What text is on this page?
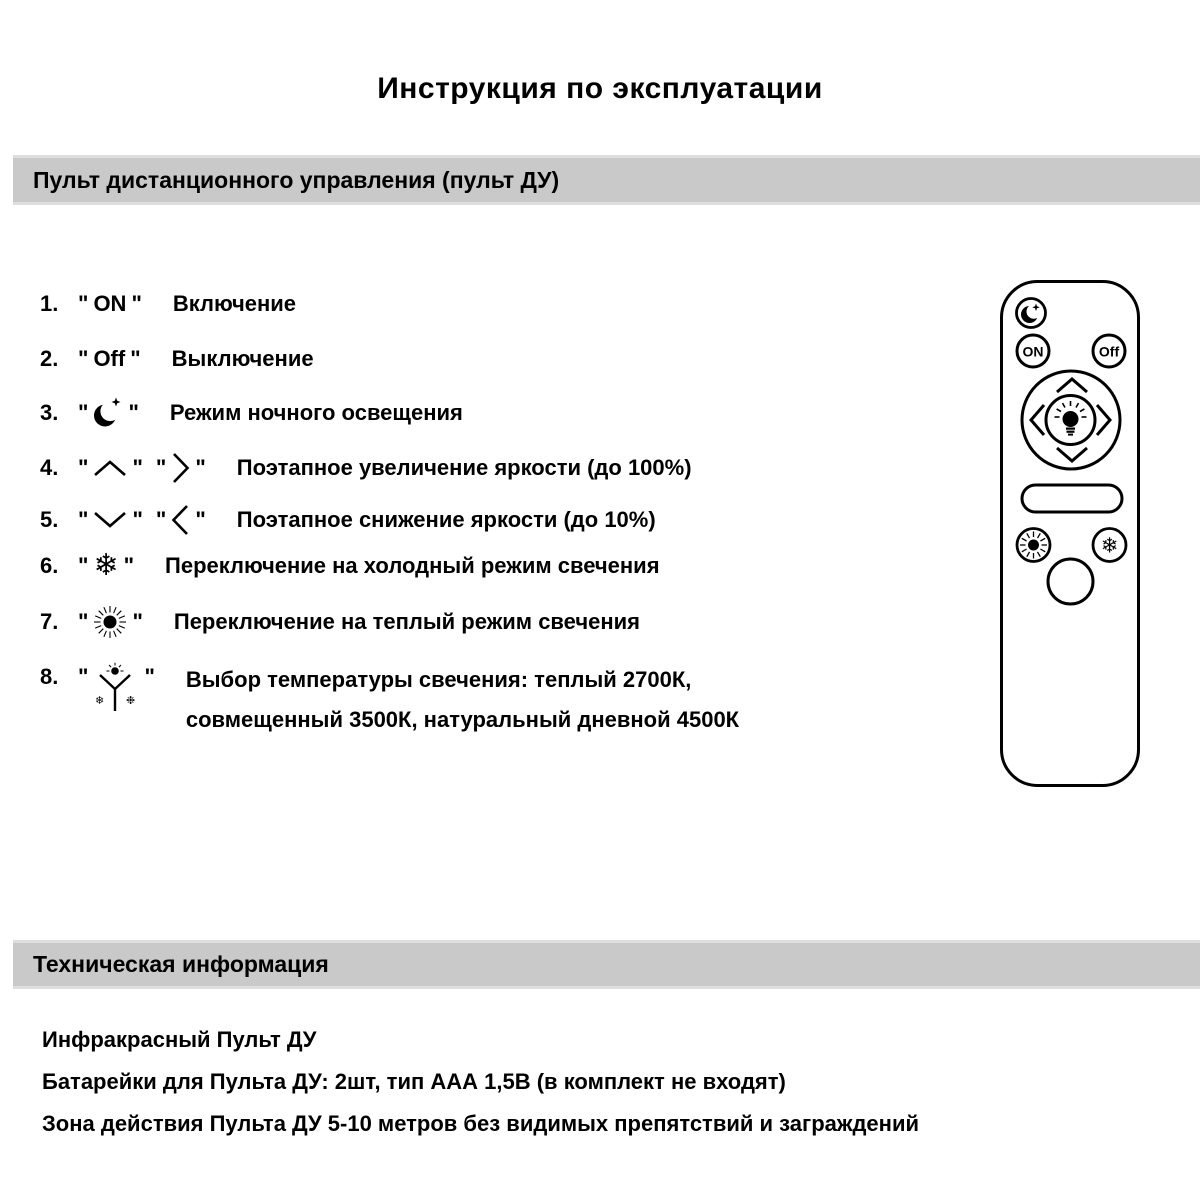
Инструкция по эксплуатации
Пульт дистанционного управления (пульт ДУ)
1. " ON " Включение
2. " Off " Выключение
3. " " Режим ночного освещения
4. " " " " Поэтапное увеличение яркости (до 100%)
5. " " " " Поэтапное снижение яркости (до 10%)
6. " ❄ " Переключение на холодный режим свечения
7. " " Переключение на теплый режим свечения
8. "
❄ ❉
" Выбор температуры свечения: теплый 2700К,
совмещенный 3500К, натуральный дневной 4500К
ON	Off
❄
Техническая информация
Инфракрасный Пульт ДУ
Батарейки для Пульта ДУ: 2шт, тип ААА 1,5В (в комплект не входят)
Зона действия Пульта ДУ 5-10 метров без видимых препятствий и заграждений
